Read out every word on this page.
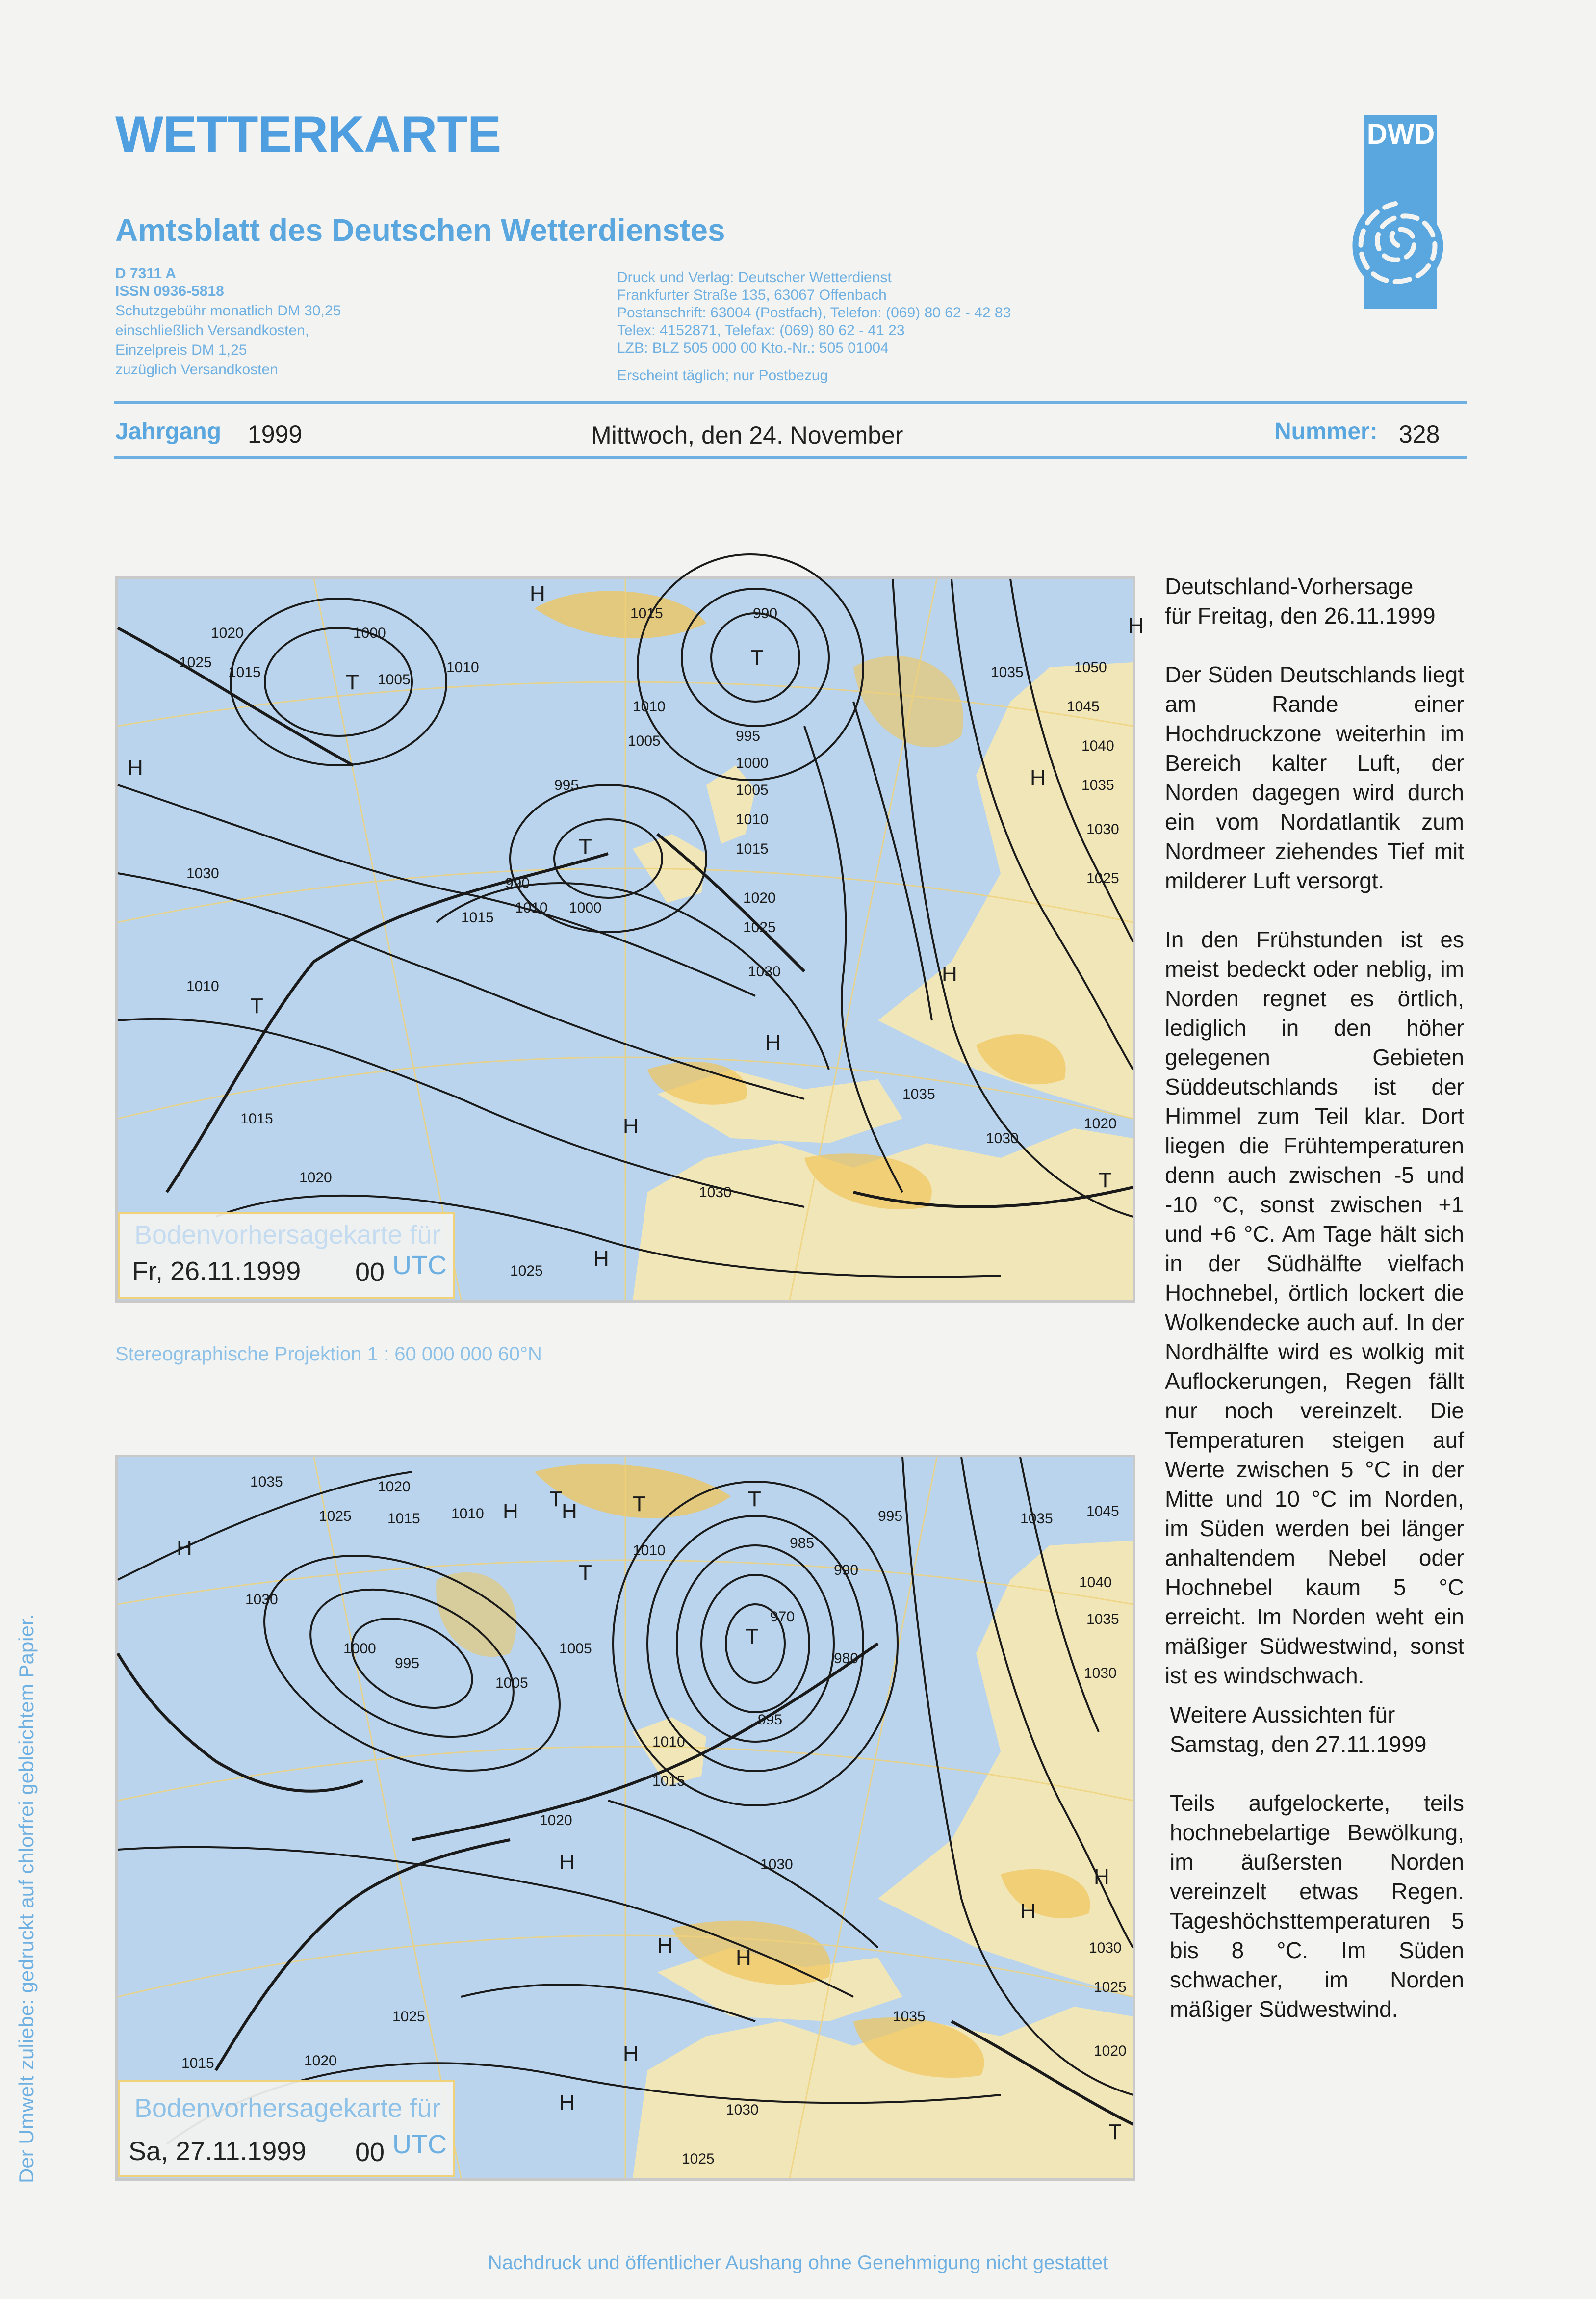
WETTERKARTE
Amtsblatt des Deutschen Wetterdienstes
D 7311 A
ISSN 0936-5818
Schutzgebühr monatlich DM 30,25
einschließlich Versandkosten,
Einzelpreis DM 1,25
zuzüglich Versandkosten
Druck und Verlag: Deutscher Wetterdienst
Frankfurter Straße 135, 63067 Offenbach
Postanschrift: 63004 (Postfach), Telefon: (069) 80 62 - 42 83
Telex: 4152871, Telefax: (069) 80 62 - 41 23
LZB: BLZ 505 000 00 Kto.-Nr.: 505 01004
Erscheint täglich; nur Postbezug
DWD
Jahrgang 1999	Mittwoch, den 24. November	Nummer: 328
1020
1025
1015
1000
1005
1010
1015	990
1035	1050
1045
1040
1035
1030
1025
1010
1005
995
995
1000
1005
1010
1015
1020
1025
1030
990
1015
1010 1000
1030
1010
1015
1020
1030
1035
1030
1020
1025
H
H	H
H
H
H
H
H
T
T
T
T
T
Bodenvorhersagekarte für
Fr, 26.11.1999 00 UTC
Stereographische Projektion 1 : 60 000 000 60°N
1035	1020
1025 1015 1010
1010
1030
1000
995
1005
1005
985
990
995
970
980
995
1035 1045
1040
1035
1030
1010
1015
1020
1030
1030
1025
1035
1020
1025
1020
1015
1030
1025
H
H H
H
H
H
H
H
H
T
T
T	T
T
T
H
Bodenvorhersagekarte für
Sa, 27.11.1999 00 UTC
Deutschland-Vorhersage
für Freitag, den 26.11.1999

Der Süden Deutschlands liegt am Rande einer Hochdruckzone weiterhin im Bereich kalter Luft, der Norden dagegen wird durch ein vom Nordatlantik zum Nordmeer ziehendes Tief mit milderer Luft versorgt.

In den Frühstunden ist es meist bedeckt oder neblig, im Norden regnet es örtlich, lediglich in den höher gelegenen Gebieten Süddeutschlands ist der Himmel zum Teil klar. Dort liegen die Frühtemperaturen denn auch zwischen -5 und -10 °C, sonst zwischen +1 und +6 °C. Am Tage hält sich in der Südhälfte vielfach Hochnebel, örtlich lockert die Wolkendecke auch auf. In der Nordhälfte wird es wolkig mit Auflockerungen, Regen fällt nur noch vereinzelt. Die Temperaturen steigen auf Werte zwischen 5 °C in der Mitte und 10 °C im Norden, im Süden werden bei länger anhaltendem Nebel oder Hochnebel kaum 5 °C erreicht. Im Norden weht ein mäßiger Südwestwind, sonst ist es windschwach.

Weitere Aussichten für
Samstag, den 27.11.1999

Teils aufgelockerte, teils hochnebelartige Bewölkung, im äußersten Norden vereinzelt etwas Regen. Tageshöchsttemperaturen 5 bis 8 °C. Im Süden schwacher, im Norden mäßiger Südwestwind.

Der Umwelt zuliebe: gedruckt auf chlorfrei gebleichtem Papier.
Nachdruck und öffentlicher Aushang ohne Genehmigung nicht gestattet
